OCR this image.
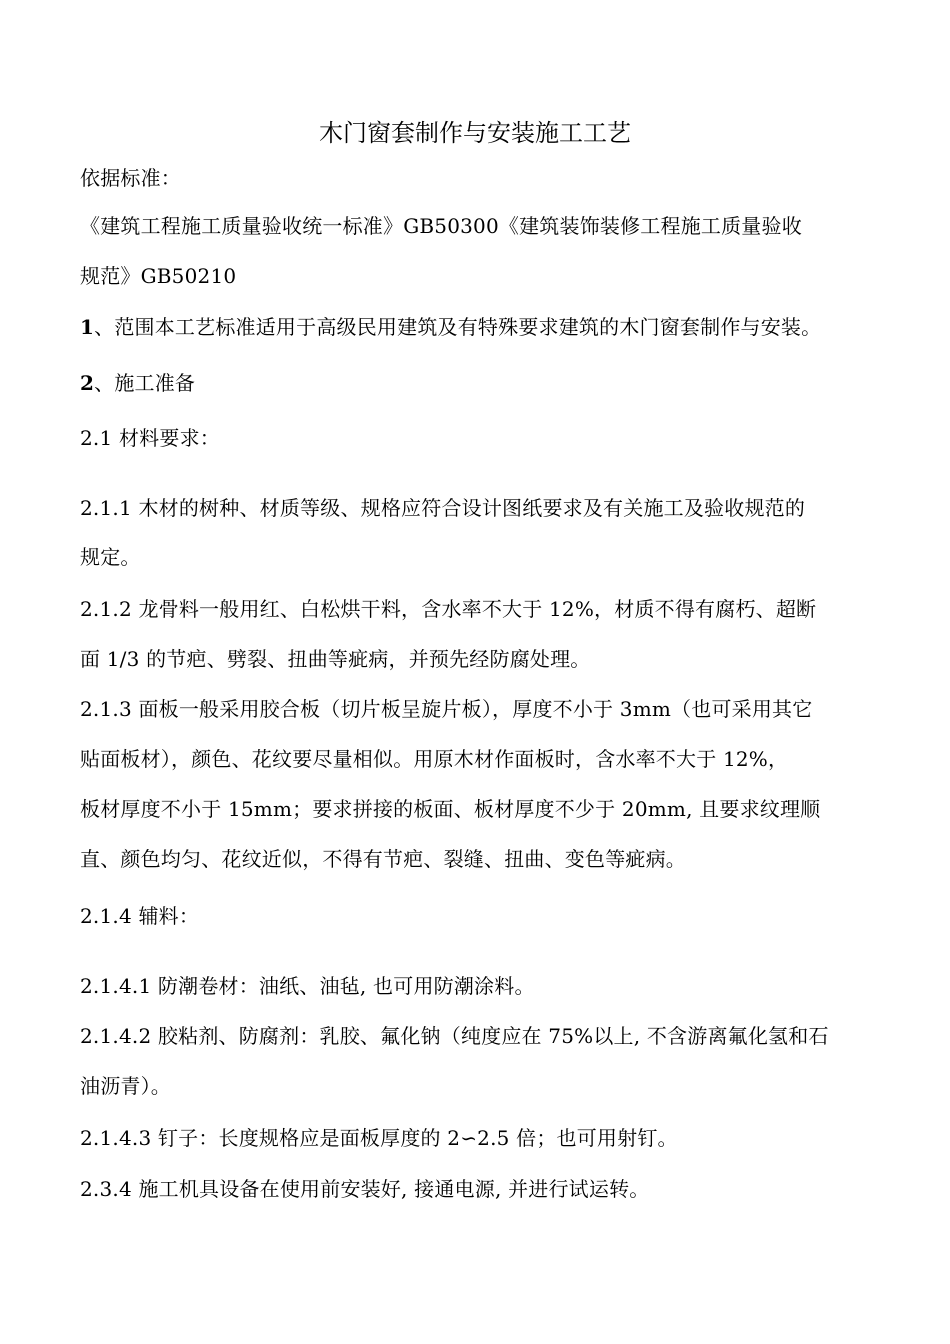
木门窗套制作与安装施工工艺
依据标准：
《建筑工程施工质量验收统一标准》GB50300《建筑装饰装修工程施工质量验收
规范》GB50210
1、范围本工艺标准适用于高级民用建筑及有特殊要求建筑的木门窗套制作与安装。
2、施工准备
2.1 材料要求：
2.1.1 木材的树种、材质等级、规格应符合设计图纸要求及有关施工及验收规范的
规定。
2.1.2 龙骨料一般用红、白松烘干料，含水率不大于 12%，材质不得有腐朽、超断
面 1/3 的节疤、劈裂、扭曲等疵病，并预先经防腐处理。
2.1.3 面板一般采用胶合板（切片板呈旋片板），厚度不小于 3mm（也可采用其它
贴面板材），颜色、花纹要尽量相似。用原木材作面板时，含水率不大于 12%，
板材厚度不小于 15mm；要求拼接的板面、板材厚度不少于 20mm, 且要求纹理顺
直、颜色均匀、花纹近似，不得有节疤、裂缝、扭曲、变色等疵病。
2.1.4 辅料：
2.1.4.1 防潮卷材：油纸、油毡, 也可用防潮涂料。
2.1.4.2 胶粘剂、防腐剂：乳胶、氟化钠（纯度应在 75%以上, 不含游离氟化氢和石
油沥青）。
2.1.4.3 钉子：长度规格应是面板厚度的 2∽2.5 倍；也可用射钉。
2.3.4 施工机具设备在使用前安装好, 接通电源, 并进行试运转。
